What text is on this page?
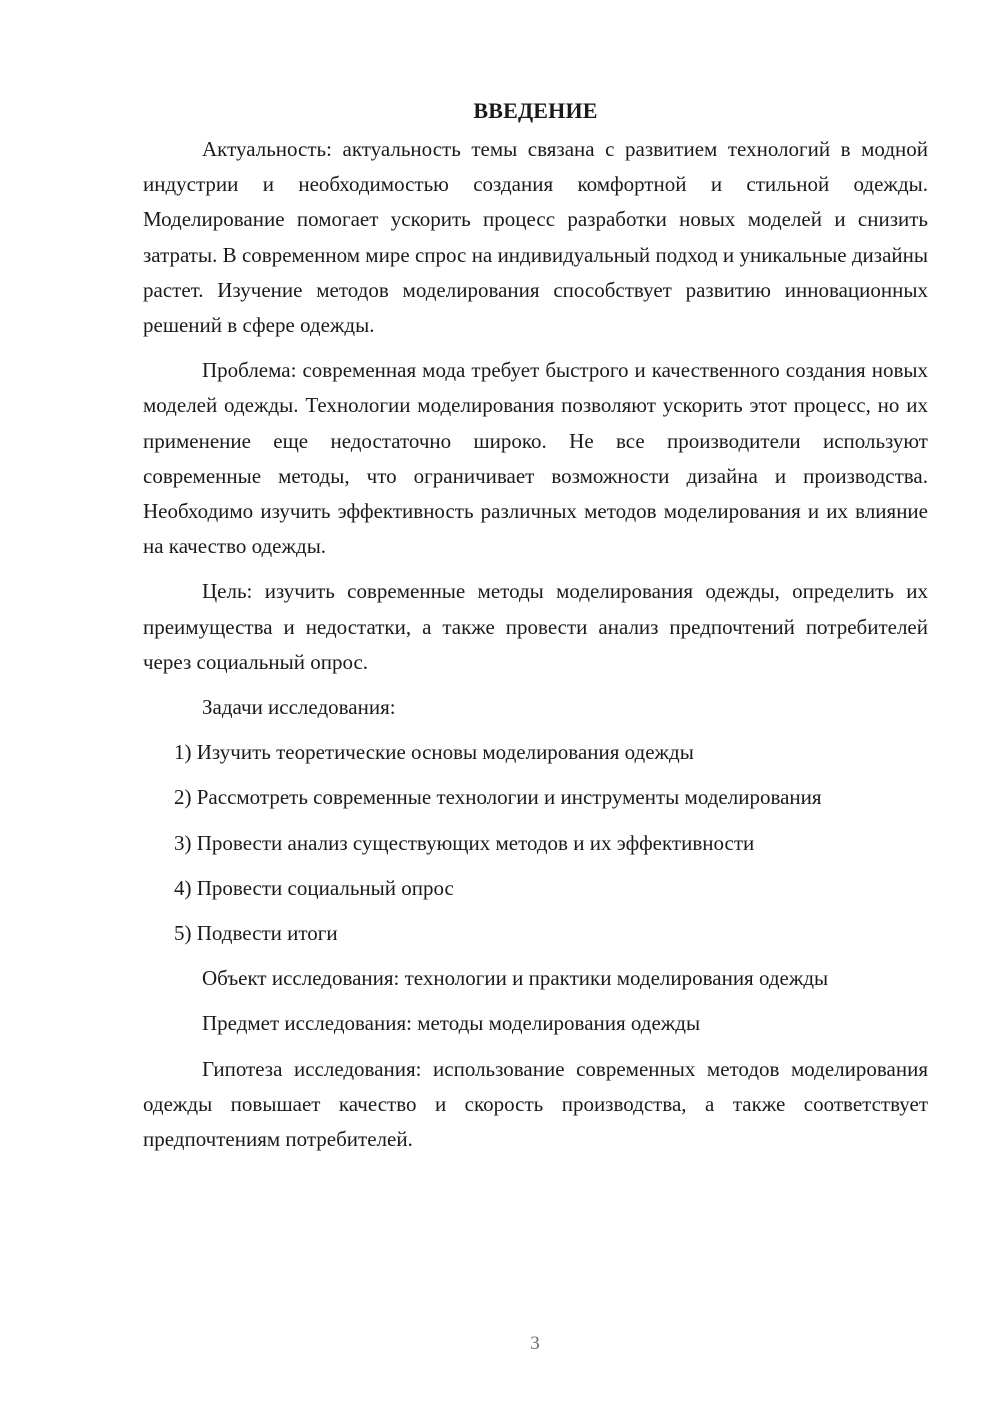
ВВЕДЕНИЕ

Актуальность: актуальность темы связана с развитием технологий в модной индустрии и необходимостью создания комфортной и стильной одежды. Моделирование помогает ускорить процесс разработки новых моделей и снизить затраты. В современном мире спрос на индивидуальный подход и уникальные дизайны растет. Изучение методов моделирования способствует развитию инновационных решений в сфере одежды.

Проблема: современная мода требует быстрого и качественного создания новых моделей одежды. Технологии моделирования позволяют ускорить этот процесс, но их применение еще недостаточно широко. Не все производители используют современные методы, что ограничивает возможности дизайна и производства. Необходимо изучить эффективность различных методов моделирования и их влияние на качество одежды.

Цель: изучить современные методы моделирования одежды, определить их преимущества и недостатки, а также провести анализ предпочтений потребителей через социальный опрос.

Задачи исследования:

1) Изучить теоретические основы моделирования одежды

2) Рассмотреть современные технологии и инструменты моделирования

3) Провести анализ существующих методов и их эффективности

4) Провести социальный опрос

5) Подвести итоги

Объект исследования: технологии и практики моделирования одежды

Предмет исследования: методы моделирования одежды

Гипотеза исследования: использование современных методов моделирования одежды повышает качество и скорость производства, а также соответствует предпочтениям потребителей.

3
